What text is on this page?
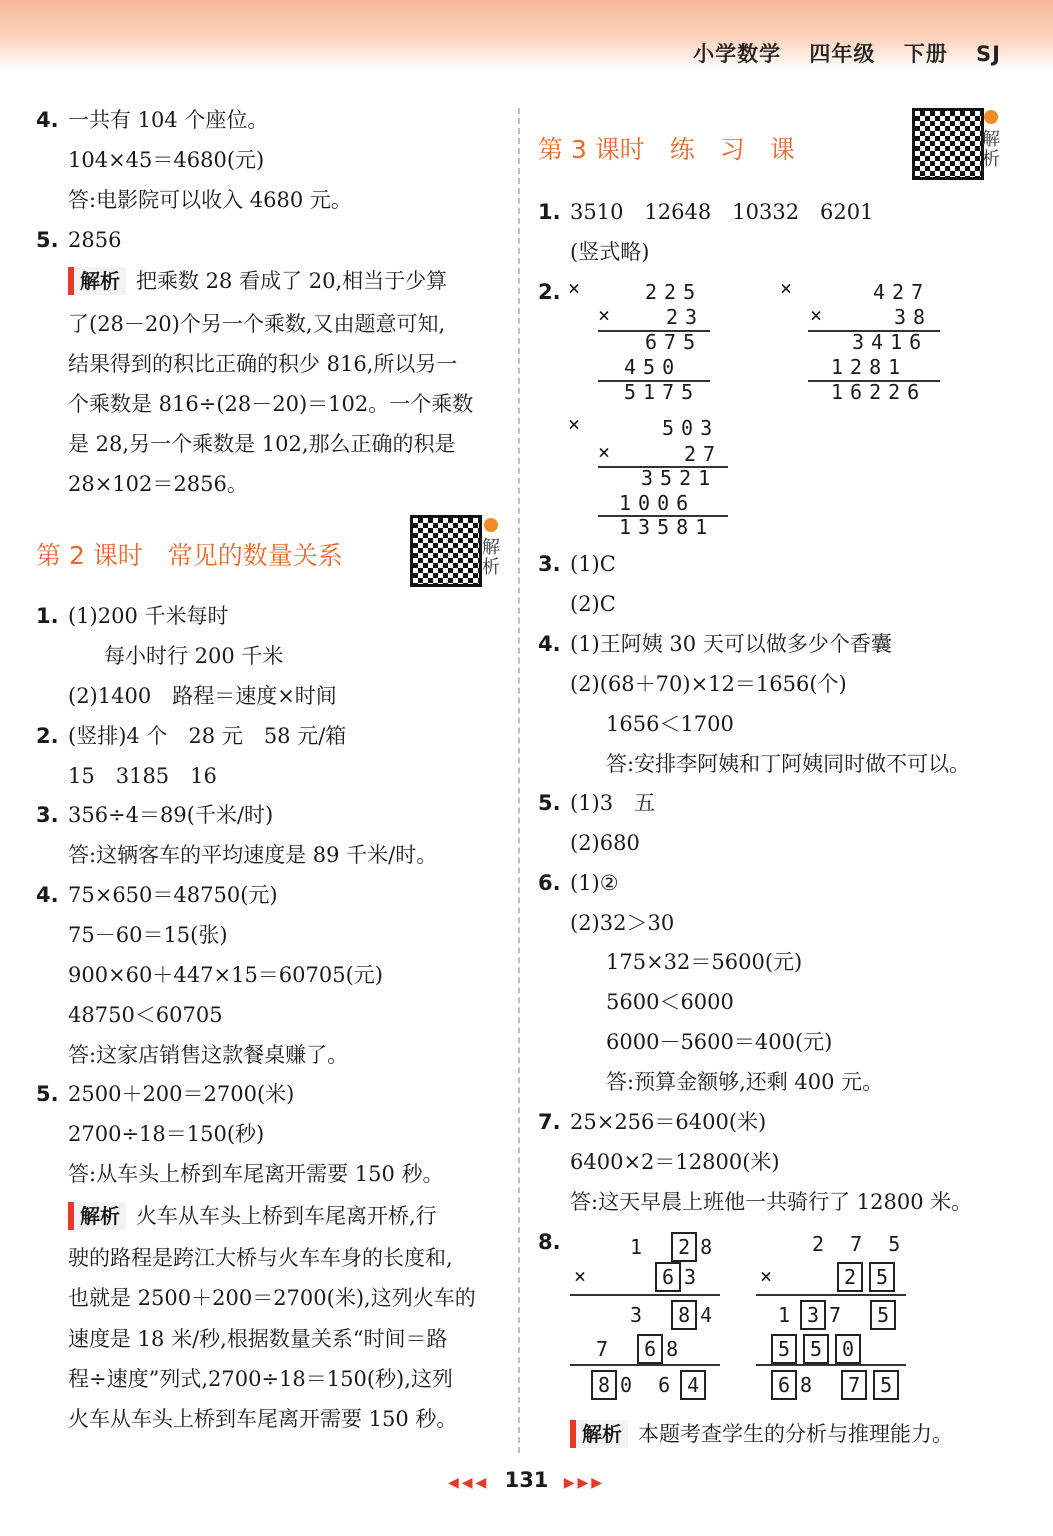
小学数学 四年级 下册 SJ
4. 一共有 104 个座位。
104×45＝4680(元)
答:电影院可以收入 4680 元。
5. 2856
解析 把乘数 28 看成了 20,相当于少算
了(28－20)个另一个乘数,又由题意可知,
结果得到的积比正确的积少 816,所以另一
个乘数是 816÷(28－20)＝102。一个乘数
是 28,另一个乘数是 102,那么正确的积是
28×102＝2856。
第 2 课时　常见的数量关系	解析
1. (1)200 千米每时
每小时行 200 千米
(2)1400　路程＝速度×时间
2. (竖排)4 个　28 元　58 元/箱
15　3185　16
3. 356÷4＝89(千米/时)
答:这辆客车的平均速度是 89 千米/时。
4. 75×650＝48750(元)
75－60＝15(张)
900×60＋447×15＝60705(元)
48750＜60705
答:这家店销售这款餐桌赚了。
5. 2500＋200＝2700(米)
2700÷18＝150(秒)
答:从车头上桥到车尾离开需要 150 秒。
解析 火车从车头上桥到车尾离开桥,行
驶的路程是跨江大桥与火车车身的长度和,
也就是 2500＋200＝2700(米),这列火车的
速度是 18 米/秒,根据数量关系“时间＝路
程÷速度”列式,2700÷18＝150(秒),这列
火车从车头上桥到车尾离开需要 150 秒。
第 3 课时　练　习　课	解析
1. 3510　12648　10332　6201
(竖式略)
2. ×	225
× 23
675
450
5175
×	427
×	38
3416
1281
16226
×	503
×	27
3521
1006
13581
3. (1)C
(2)C
4. (1)王阿姨 30 天可以做多少个香囊
(2)(68＋70)×12＝1656(个)
1656＜1700
答:安排李阿姨和丁阿姨同时做不可以。
5. (1)3　五
(2)680
6. (1)②
(2)32＞30
175×32＝5600(元)
5600＜6000
6000－5600＝400(元)
答:预算金额够,还剩 400 元。
7. 25×256＝6400(米)
6400×2＝12800(米)
答:这天早晨上班他一共骑行了 12800 米。
8.	1 2 8
×	6 3
3 8 4
7 6 8
8 0 6 4
2 7 5
×	2 5
1 3 7 5
5 5 0
6 8 7 5
解析 本题考查学生的分析与推理能力。
◀◀◀ 131 ▶▶▶
